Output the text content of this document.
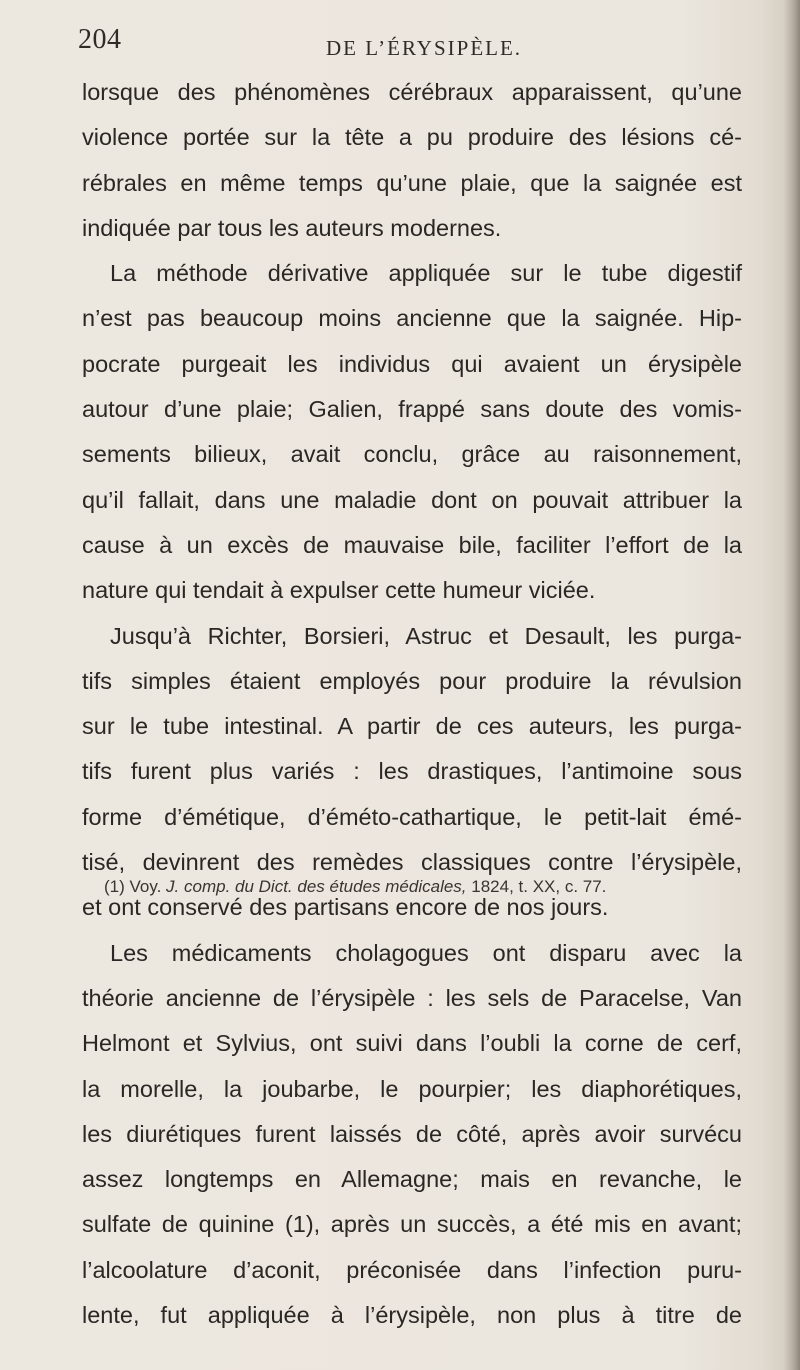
204	DE L’ÉRYSIPÈLE.
lorsque des phénomènes cérébraux apparaissent, qu’une
violence portée sur la tête a pu produire des lésions cé-
rébrales en même temps qu’une plaie, que la saignée est
indiquée par tous les auteurs modernes.
La méthode dérivative appliquée sur le tube digestif
n’est pas beaucoup moins ancienne que la saignée. Hip-
pocrate purgeait les individus qui avaient un érysipèle
autour d’une plaie; Galien, frappé sans doute des vomis-
sements bilieux, avait conclu, grâce au raisonnement,
qu’il fallait, dans une maladie dont on pouvait attribuer la
cause à un excès de mauvaise bile, faciliter l’effort de la
nature qui tendait à expulser cette humeur viciée.
Jusqu’à Richter, Borsieri, Astruc et Desault, les purga-
tifs simples étaient employés pour produire la révulsion
sur le tube intestinal. A partir de ces auteurs, les purga-
tifs furent plus variés : les drastiques, l’antimoine sous
forme d’émétique, d’éméto-cathartique, le petit-lait émé-
tisé, devinrent des remèdes classiques contre l’érysipèle,
et ont conservé des partisans encore de nos jours.
Les médicaments cholagogues ont disparu avec la
théorie ancienne de l’érysipèle : les sels de Paracelse, Van
Helmont et Sylvius, ont suivi dans l’oubli la corne de cerf,
la morelle, la joubarbe, le pourpier; les diaphorétiques,
les diurétiques furent laissés de côté, après avoir survécu
assez longtemps en Allemagne; mais en revanche, le
sulfate de quinine (1), après un succès, a été mis en avant;
l’alcoolature d’aconit, préconisée dans l’infection puru-
lente, fut appliquée à l’érysipèle, non plus à titre de
(1) Voy. J. comp. du Dict. des études médicales, 1824, t. XX, c. 77.
